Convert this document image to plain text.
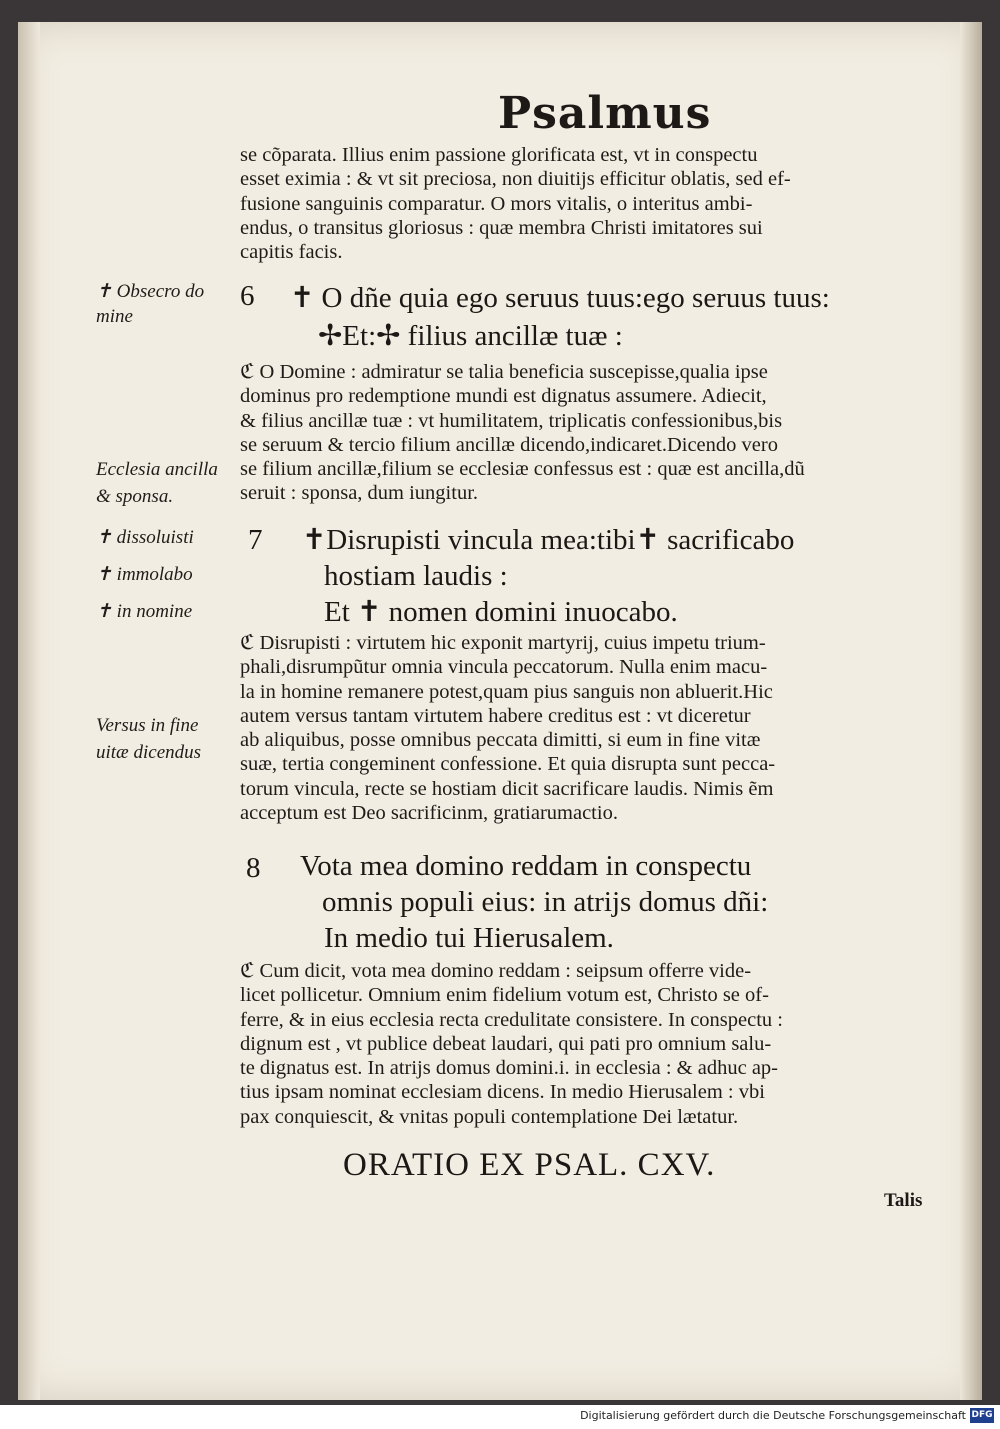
Psalmus
se cõparata. Illius enim passione glorificata est, vt in conspectu
esset eximia : & vt sit preciosa, non diuitijs efficitur oblatis, sed ef-
fusione sanguinis comparatur. O mors vitalis, o interitus ambi-
endus, o transitus gloriosus : quæ membra Christi imitatores sui
capitis facis.
✝ Obsecro do
mine
Ecclesia ancilla
& sponsa.
✝ dissoluisti
✝ immolabo
✝ in nomine
Versus in fine
uitæ dicendus
6 ✝ O dñe quia ego seruus tuus:ego seruus tuus:
✢Et:✢ filius ancillæ tuæ :
ℭ O Domine : admiratur se talia beneficia suscepisse,qualia ipse
dominus pro redemptione mundi est dignatus assumere. Adiecit,
& filius ancillæ tuæ : vt humilitatem, triplicatis confessionibus,bis
se seruum & tercio filium ancillæ dicendo,indicaret.Dicendo vero
se filium ancillæ,filium se ecclesiæ confessus est : quæ est ancilla,dũ
seruit : sponsa, dum iungitur.
7 ✝Disrupisti vincula mea:tibi✝ sacrificabo
hostiam laudis :
Et ✝ nomen domini inuocabo.
ℭ Disrupisti : virtutem hic exponit martyrij, cuius impetu trium-
phali,disrumpũtur omnia vincula peccatorum. Nulla enim macu-
la in homine remanere potest,quam pius sanguis non abluerit.Hic
autem versus tantam virtutem habere creditus est : vt diceretur
ab aliquibus, posse omnibus peccata dimitti, si eum in fine vitæ
suæ, tertia congeminent confessione. Et quia disrupta sunt pecca-
torum vincula, recte se hostiam dicit sacrificare laudis. Nimis ẽm
acceptum est Deo sacrificinm, gratiarumactio.
8 Vota mea domino reddam in conspectu
omnis populi eius: in atrijs domus dñi:
In medio tui Hierusalem.
ℭ Cum dicit, vota mea domino reddam : seipsum offerre vide-
licet pollicetur. Omnium enim fidelium votum est, Christo se of-
ferre, & in eius ecclesia recta credulitate consistere. In conspectu :
dignum est , vt publice debeat laudari, qui pati pro omnium salu-
te dignatus est. In atrijs domus domini.i. in ecclesia : & adhuc ap-
tius ipsam nominat ecclesiam dicens. In medio Hierusalem : vbi
pax conquiescit, & vnitas populi contemplatione Dei lætatur.
ORATIO EX PSAL. CXV.
Talis
Digitalisierung gefördert durch die Deutsche Forschungsgemeinschaft DFG
